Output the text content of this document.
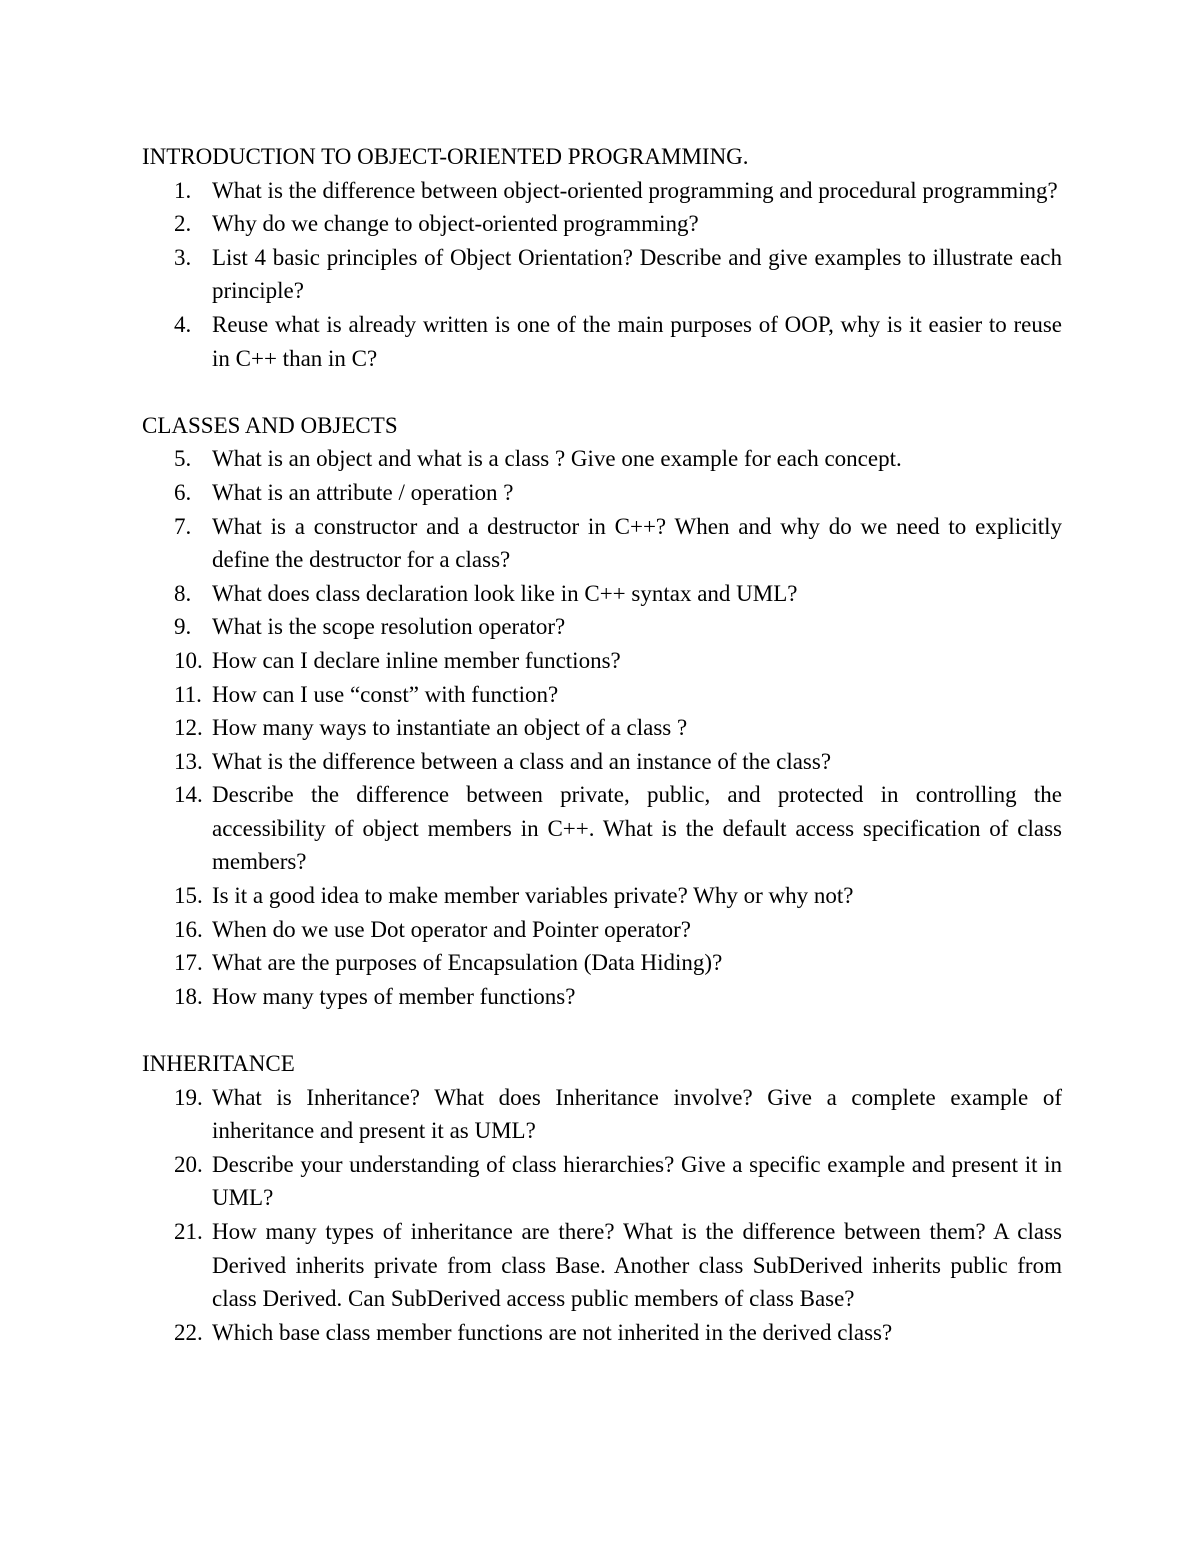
INTRODUCTION TO OBJECT-ORIENTED PROGRAMMING.
1. What is the difference between object-oriented programming and procedural programming?
2. Why do we change to object-oriented programming?
3. List 4 basic principles of Object Orientation? Describe and give examples to illustrate each principle?
4. Reuse what is already written is one of the main purposes of OOP, why is it easier to reuse in C++ than in C?
CLASSES AND OBJECTS
5. What is an object and what is a class ? Give one example for each concept.
6. What is an attribute / operation ?
7. What is a constructor and a destructor in C++? When and why do we need to explicitly define the destructor for a class?
8. What does class declaration look like in C++ syntax and UML?
9. What is the scope resolution operator?
10. How can I declare inline member functions?
11. How can I use “const” with function?
12. How many ways to instantiate an object of a class ?
13. What is the difference between a class and an instance of the class?
14. Describe the difference between private, public, and protected in controlling the accessibility of object members in C++. What is the default access specification of class members?
15. Is it a good idea to make member variables private? Why or why not?
16. When do we use Dot operator and Pointer operator?
17. What are the purposes of Encapsulation (Data Hiding)?
18. How many types of member functions?
INHERITANCE
19. What is Inheritance? What does Inheritance involve? Give a complete example of inheritance and present it as UML?
20. Describe your understanding of class hierarchies? Give a specific example and present it in UML?
21. How many types of inheritance are there? What is the difference between them? A class Derived inherits private from class Base. Another class SubDerived inherits public from class Derived. Can SubDerived access public members of class Base?
22. Which base class member functions are not inherited in the derived class?
